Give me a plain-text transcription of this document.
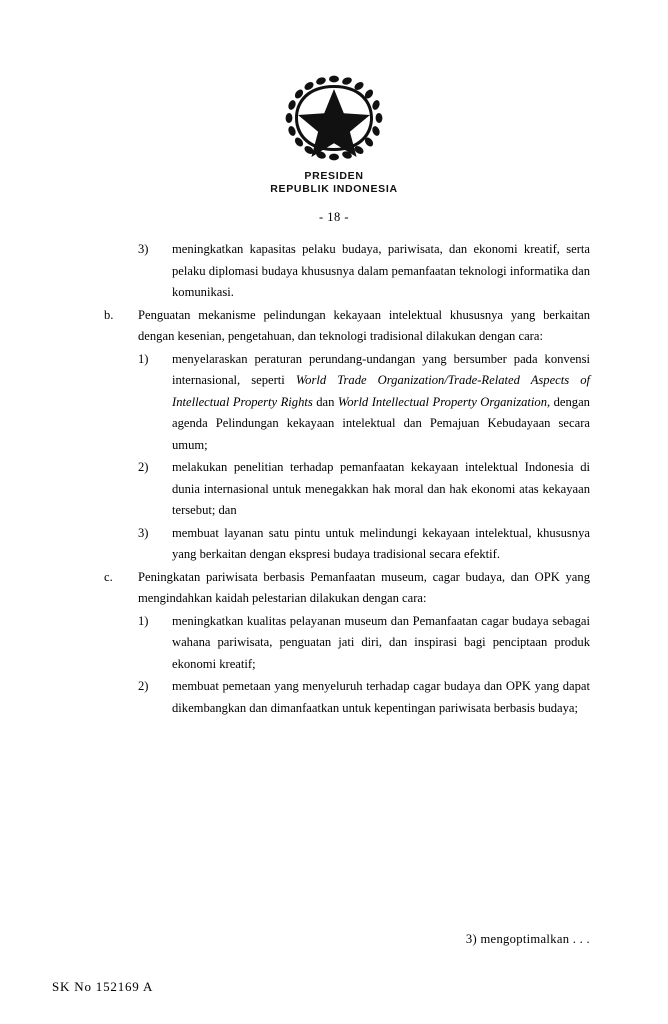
PRESIDEN
REPUBLIK INDONESIA
- 18 -
3)	meningkatkan kapasitas pelaku budaya, pariwisata, dan ekonomi kreatif, serta pelaku diplomasi budaya khususnya dalam pemanfaatan teknologi informatika dan komunikasi.
b.	Penguatan mekanisme pelindungan kekayaan intelektual khususnya yang berkaitan dengan kesenian, pengetahuan, dan teknologi tradisional dilakukan dengan cara:
1)	menyelaraskan peraturan perundang-undangan yang bersumber pada konvensi internasional, seperti World Trade Organization/Trade-Related Aspects of Intellectual Property Rights dan World Intellectual Property Organization, dengan agenda Pelindungan kekayaan intelektual dan Pemajuan Kebudayaan secara umum;
2)	melakukan penelitian terhadap pemanfaatan kekayaan intelektual Indonesia di dunia internasional untuk menegakkan hak moral dan hak ekonomi atas kekayaan tersebut; dan
3)	membuat layanan satu pintu untuk melindungi kekayaan intelektual, khususnya yang berkaitan dengan ekspresi budaya tradisional secara efektif.
c.	Peningkatan pariwisata berbasis Pemanfaatan museum, cagar budaya, dan OPK yang mengindahkan kaidah pelestarian dilakukan dengan cara:
1)	meningkatkan kualitas pelayanan museum dan Pemanfaatan cagar budaya sebagai wahana pariwisata, penguatan jati diri, dan inspirasi bagi penciptaan produk ekonomi kreatif;
2)	membuat pemetaan yang menyeluruh terhadap cagar budaya dan OPK yang dapat dikembangkan dan dimanfaatkan untuk kepentingan pariwisata berbasis budaya;
3) mengoptimalkan . . .
SK No 152169 A
